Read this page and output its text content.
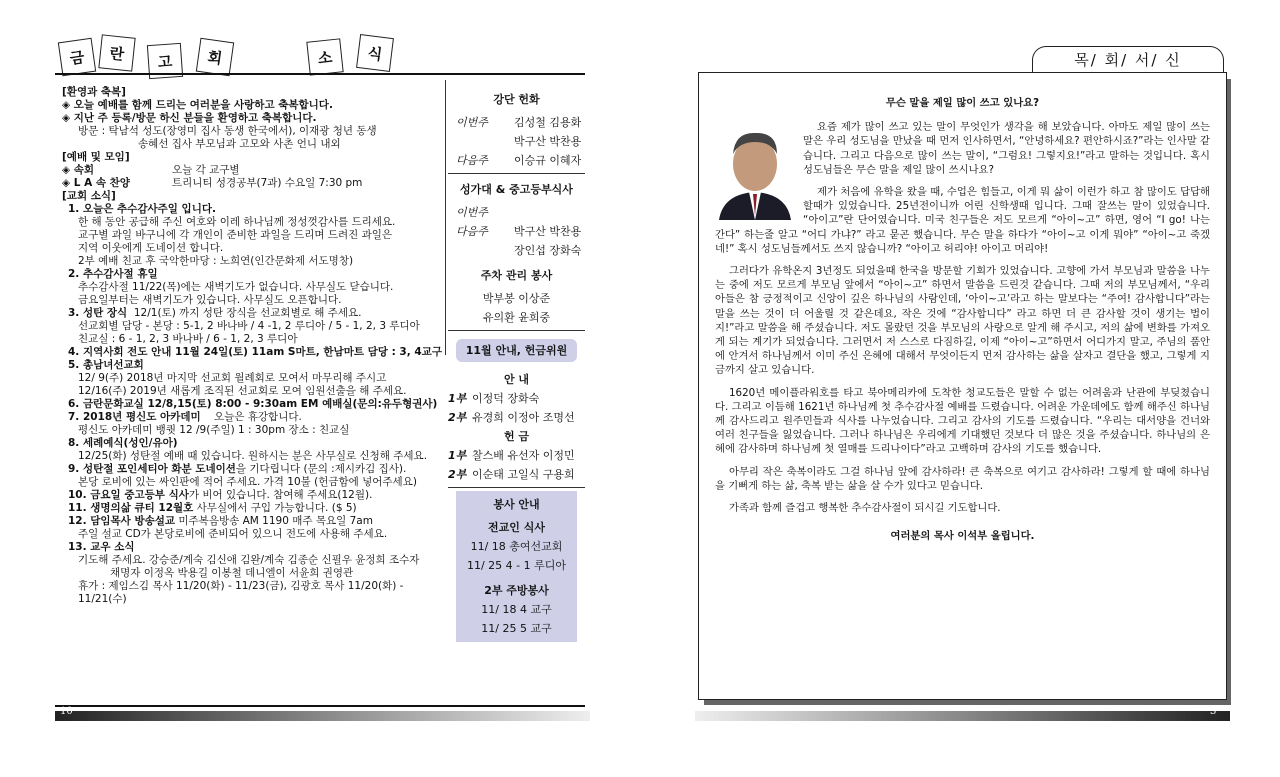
금	란	고	회	소	식
[환영과 축복]
◈ 오늘 예배를 함께 드리는 여러분을 사랑하고 축복합니다.
◈ 지난 주 등록/방문 하신 분들을 환영하고 축복합니다.
방문 : 탁남석 성도(장영미 집사 동생 한국에서), 이재광 청년 동생
송혜선 집사 부모님과 고모와 사촌 언니 내외
[예배 및 모임]
◈ 속회	오늘 각 교구별
◈ L A 속 찬양	트리니티 성경공부(7과) 수요일 7:30 pm
[교회 소식]
1. 오늘은 추수감사주일 입니다.
한 해 동안 공급해 주신 여호와 이레 하나님께 정성껏감사를 드리세요.
교구별 과일 바구니에 각 개인이 준비한 과일을 드리며 드려진 과일은
지역 이웃에게 도네이션 합니다.
2부 예배 친교 후 국악한마당 : 노희연(인간문화제 서도명창)
2. 추수감사절 휴일
추수감사절 11/22(목)에는 새벽기도가 없습니다. 사무실도 닫습니다.
금요일부터는 새벽기도가 있습니다. 사무실도 오픈합니다.
3. 성탄 장식 12/1(토) 까지 성탄 장식을 선교회별로 해 주세요.
선교회별 담당 - 본당 : 5-1, 2 바나바 / 4 -1, 2 루디아 / 5 - 1, 2, 3 루디아
친교실 : 6 - 1, 2, 3 바나바 / 6 - 1, 2, 3 루디아
4. 지역사회 전도 안내 11월 24일(토) 11am S마트, 한남마트 담당 : 3, 4교구
5. 총남녀선교회
12/ 9(주) 2018년 마지막 선교회 월례회로 모여서 마무리해 주시고
12/16(주) 2019년 새롭게 조직된 선교회로 모여 임원선출을 해 주세요.
6. 금란문화교실 12/8,15(토) 8:00 - 9:30am EM 예배실(문의:유두형권사)
7. 2018년 평신도 아카데미 오늘은 휴강합니다.
평신도 아카데미 뱅퀏 12 /9(주일) 1 : 30pm 장소 : 친교실
8. 세례예식(성인/유아)
12/25(화) 성탄절 예배 때 있습니다. 원하시는 분은 사무실로 신청해 주세요.
9. 성탄절 포인세티아 화분 도네이션을 기다립니다 (문의 :제시카김 집사).
본당 로비에 있는 싸인판에 적어 주세요. 가격 10불 (헌금함에 넣어주세요)
10. 금요일 중고등부 식사가 비어 있습니다. 참여해 주세요(12월).
11. 생명의삶 큐티 12월호 사무실에서 구입 가능합니다. ($ 5)
12. 담임목사 방송설교 미주복음방송 AM 1190 매주 목요일 7am
주일 설교 CD가 본당로비에 준비되어 있으니 전도에 사용해 주세요.
13. 교우 소식
기도해 주세요. 강승준/계숙 김신애 김완/계숙 김종순 신필우 윤정희 조수자
채명자 이정옥 박용길 이봉철 데니엘이 서윤희 권영관
휴가 : 제임스김 목사 11/20(화) - 11/23(금), 김광호 목사 11/20(화) - 11/21(수)
강단 헌화
이번주	김성철 김용화
박구산 박찬용
다음주	이승규 이혜자
성가대 & 중고등부식사
이번주
다음주	박구산 박찬용
장인섭 장화숙
주차 관리 봉사
박부봉 이상준
유의환 윤희중
11월 안내, 헌금위원
안 내
1부 이정덕 장화숙
2부 유경희 이정아 조명선
헌 금
1부 찰스배 유선자 이정민
2부 이순태 고일식 구용희
봉사 안내
전교인 식사
11/ 18 총여선교회
11/ 25 4 - 1 루디아
2부 주방봉사
11/ 18 4 교구
11/ 25 5 교구
10	3
목/ 회/ 서/ 신

무슨 말을 제일 많이 쓰고 있나요?

요즘 제가 많이 쓰고 있는 말이 무엇인가 생각을 해 보았습니다. 아마도 제일 많이 쓰는 말은 우리 성도님을 만났을 때 먼저 인사하면서, “안녕하세요? 편안하시죠?”라는 인사말 같습니다. 그리고 다음으로 많이 쓰는 말이, “그럼요! 그렇지요!”라고 말하는 것입니다. 혹시 성도님들은 무슨 말을 제일 많이 쓰시나요?

제가 처음에 유학을 왔을 때, 수업은 힘들고, 이게 뭐 삶이 이런가 하고 참 많이도 답답해 할때가 있었습니다. 25년전이니까 어린 신학생때 입니다. 그때 잘쓰는 말이 있었습니다. “아이고”란 단어였습니다. 미국 친구들은 저도 모르게 “아이~고” 하면, 영어 “I go! 나는 간다” 하는줄 알고 “어디 가냐?” 라고 묻곤 했습니다. 무슨 말을 하다가 “아이~고 이게 뭐야” “아이~고 죽겠네!” 혹시 성도님들께서도 쓰지 않습니까? “아이고 허리야! 아이고 머리야!

그러다가 유학온지 3년정도 되었을때 한국을 방문할 기회가 있었습니다. 고향에 가서 부모님과 말씀을 나누는 중에 저도 모르게 부모님 앞에서 “아이~고” 하면서 말씀을 드린것 같습니다. 그때 저의 부모님께서, “우리 아들은 참 긍정적이고 신앙이 깊은 하나님의 사람인데, ‘아이~고’라고 하는 말보다는 “주여! 감사합니다”라는 말을 쓰는 것이 더 어울릴 것 같은데요, 작은 것에 “감사합니다” 라고 하면 더 큰 감사할 것이 생기는 법이지!”라고 말씀을 해 주셨습니다. 저도 몰랐던 것을 부모님의 사랑으로 알게 해 주시고, 저의 삶에 변화를 가져오게 되는 계기가 되었습니다. 그러면서 저 스스로 다짐하길, 이제 “아이~고”하면서 어디가지 말고, 주님의 품안에 안겨서 하나님께서 이미 주신 은혜에 대해서 무엇이든지 먼저 감사하는 삶을 살자고 결단을 했고, 그렇게 지금까지 살고 있습니다.

1620년 메이플라워호를 타고 북아메리카에 도착한 청교도들은 말할 수 없는 어려움과 난관에 부딪쳤습니다. 그리고 이듬해 1621년 하나님께 첫 추수감사절 예배를 드렸습니다. 어려운 가운데에도 함께 해주신 하나님께 감사드리고 원주민들과 식사를 나누었습니다. 그리고 감사의 기도를 드렸습니다. “우리는 대서양을 건너와 여러 친구들을 잃었습니다. 그러나 하나님은 우리에게 기대했던 것보다 더 많은 것을 주셨습니다. 하나님의 은혜에 감사하며 하나님께 첫 열매를 드리나이다”라고 고백하며 감사의 기도를 했습니다.

아무리 작은 축복이라도 그걸 하나님 앞에 감사하라! 큰 축복으로 여기고 감사하라! 그렇게 할 때에 하나님을 기뻐게 하는 삶, 축복 받는 삶을 살 수가 있다고 믿습니다.

가족과 함께 즐겁고 행복한 추수감사절이 되시길 기도합니다.

여러분의 목사 이석부 올립니다.
